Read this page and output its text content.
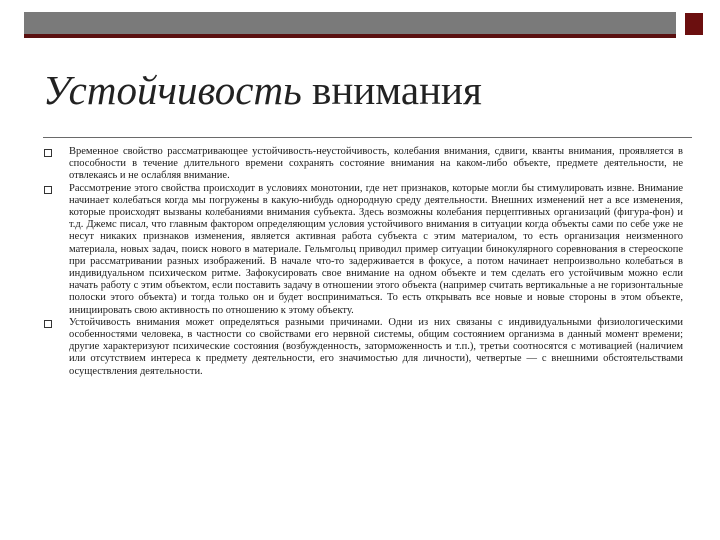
Устойчивость внимания
Временное свойство рассматривающее устойчивость-неустойчивость, колебания внимания, сдвиги, кванты внимания, проявляется в способности в течение длительного времени сохранять состояние внимания на каком-либо объекте, предмете деятельности, не отвлекаясь и не ослабляя внимание.
Рассмотрение этого свойства происходит в условиях монотонии, где нет признаков, которые могли бы стимулировать извне. Внимание начинает колебаться когда мы погружены в какую-нибудь однородную среду деятельности. Внешних изменений нет а все изменения, которые происходят вызваны колебаниями внимания субъекта. Здесь возможны колебания перцептивных организаций (фигура-фон) и т.д. Джемс писал, что главным фактором определяющим условия устойчивого внимания в ситуации когда объекты сами по себе уже не несут никаких признаков изменения, является активная работа субъекта с этим материалом, то есть организация неизменного материала, новых задач, поиск нового в материале. Гельмгольц приводил пример ситуации бинокулярного соревнования в стереоскопе при рассматривании разных изображений. В начале что-то задерживается в фокусе, а потом начинает непроизвольно колебаться в индивидуальном психическом ритме. Зафокусировать свое внимание на одном объекте и тем сделать его устойчивым можно если начать работу с этим объектом, если поставить задачу в отношении этого объекта (например считать вертикальные а не горизонтальные полоски этого объекта) и тогда только он и будет восприниматься. То есть открывать все новые и новые стороны в этом объекте, инициировать свою активность по отношению к этому объекту.
Устойчивость внимания может определяться разными причинами. Одни из них связаны с индивидуальными физиологическими особенностями человека, в частности со свойствами его нервной системы, общим состоянием организма в данный момент времени; другие характеризуют психические состояния (возбужденность, заторможенность и т.п.), третьи соотносятся с мотивацией (наличием или отсутствием интереса к предмету деятельности, его значимостью для личности), четвертые — с внешними обстоятельствами осуществления деятельности.
